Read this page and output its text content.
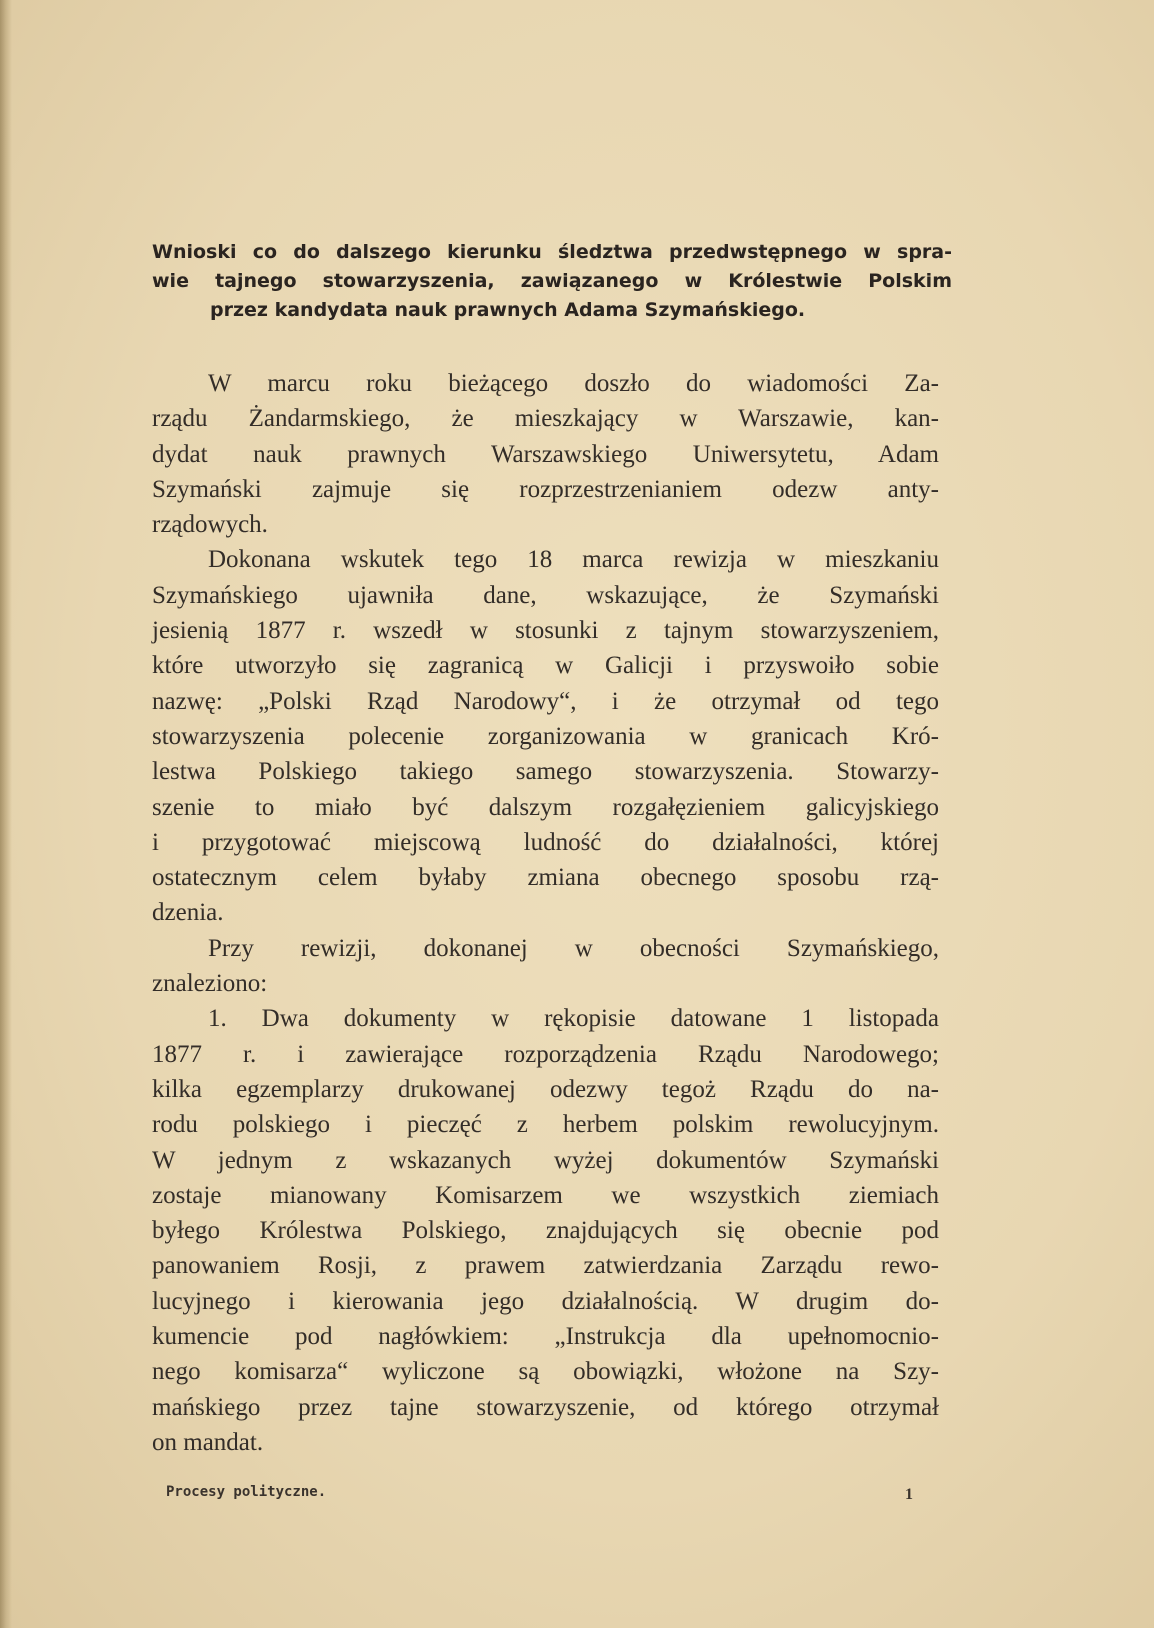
Wnioski co do dalszego kierunku śledztwa przedwstępnego w spra-
wie tajnego stowarzyszenia, zawiązanego w Królestwie Polskim
przez kandydata nauk prawnych Adama Szymańskiego.
W marcu roku bieżącego doszło do wiadomości Za-
rządu Żandarmskiego, że mieszkający w Warszawie, kan-
dydat nauk prawnych Warszawskiego Uniwersytetu, Adam
Szymański zajmuje się rozprzestrzenianiem odezw anty-
rządowych.
Dokonana wskutek tego 18 marca rewizja w mieszkaniu
Szymańskiego ujawniła dane, wskazujące, że Szymański
jesienią 1877 r. wszedł w stosunki z tajnym stowarzyszeniem,
które utworzyło się zagranicą w Galicji i przyswoiło sobie
nazwę: „Polski Rząd Narodowy“, i że otrzymał od tego
stowarzyszenia polecenie zorganizowania w granicach Kró-
lestwa Polskiego takiego samego stowarzyszenia. Stowarzy-
szenie to miało być dalszym rozgałęzieniem galicyjskiego
i przygotować miejscową ludność do działalności, której
ostatecznym celem byłaby zmiana obecnego sposobu rzą-
dzenia.
Przy rewizji, dokonanej w obecności Szymańskiego,
znaleziono:
1. Dwa dokumenty w rękopisie datowane 1 listopada
1877 r. i zawierające rozporządzenia Rządu Narodowego;
kilka egzemplarzy drukowanej odezwy tegoż Rządu do na-
rodu polskiego i pieczęć z herbem polskim rewolucyjnym.
W jednym z wskazanych wyżej dokumentów Szymański
zostaje mianowany Komisarzem we wszystkich ziemiach
byłego Królestwa Polskiego, znajdujących się obecnie pod
panowaniem Rosji, z prawem zatwierdzania Zarządu rewo-
lucyjnego i kierowania jego działalnością. W drugim do-
kumencie pod nagłówkiem: „Instrukcja dla upełnomocnio-
nego komisarza“ wyliczone są obowiązki, włożone na Szy-
mańskiego przez tajne stowarzyszenie, od którego otrzymał
on mandat.
Procesy polityczne.	1
